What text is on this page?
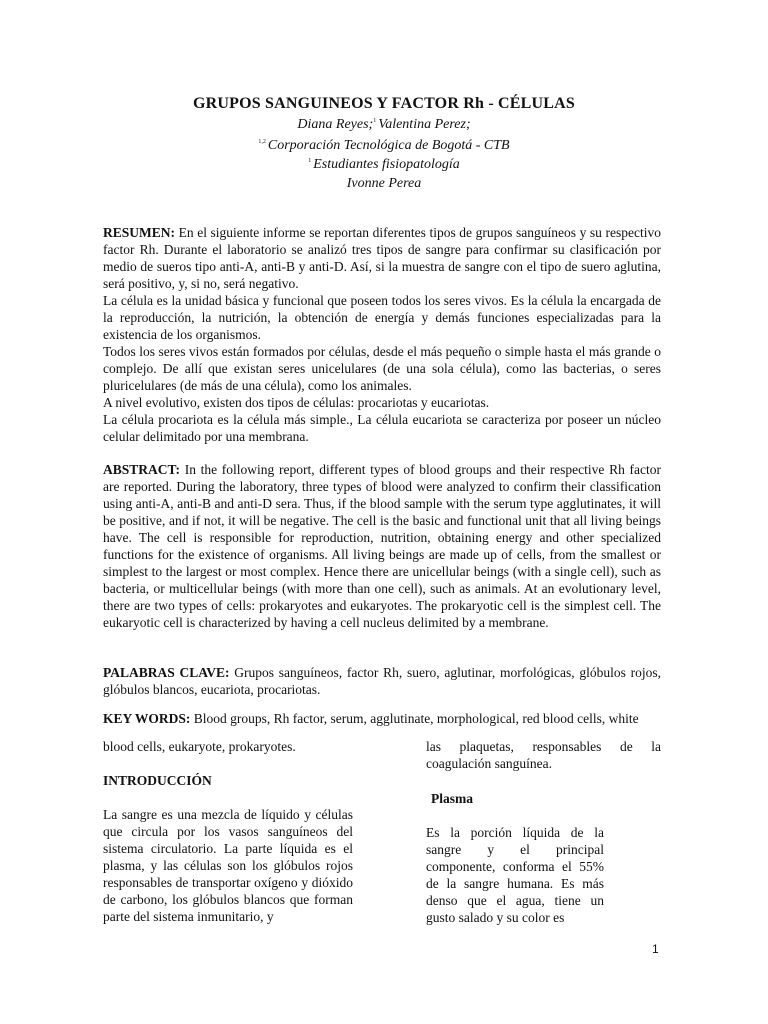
GRUPOS SANGUINEOS Y FACTOR Rh - CÉLULAS
Diana Reyes;$^1$ Valentina Perez;
$^{1,2}$ Corporación Tecnológica de Bogotá - CTB
$^1$ Estudiantes fisiopatología
Ivonne Perea

RESUMEN: En el siguiente informe se reportan diferentes tipos de grupos sanguíneos y su respectivo factor Rh. Durante el laboratorio se analizó tres tipos de sangre para confirmar su clasificación por medio de sueros tipo anti-A, anti-B y anti-D. Así, si la muestra de sangre con el tipo de suero aglutina, será positivo, y, si no, será negativo.

La célula es la unidad básica y funcional que poseen todos los seres vivos. Es la célula la encargada de la reproducción, la nutrición, la obtención de energía y demás funciones especializadas para la existencia de los organismos.

Todos los seres vivos están formados por células, desde el más pequeño o simple hasta el más grande o complejo. De allí que existan seres unicelulares (de una sola célula), como las bacterias, o seres pluricelulares (de más de una célula), como los animales.

A nivel evolutivo, existen dos tipos de células: procariotas y eucariotas.

La célula procariota es la célula más simple., La célula eucariota se caracteriza por poseer un núcleo celular delimitado por una membrana.

ABSTRACT: In the following report, different types of blood groups and their respective Rh factor are reported. During the laboratory, three types of blood were analyzed to confirm their classification using anti-A, anti-B and anti-D sera. Thus, if the blood sample with the serum type agglutinates, it will be positive, and if not, it will be negative. The cell is the basic and functional unit that all living beings have. The cell is responsible for reproduction, nutrition, obtaining energy and other specialized functions for the existence of organisms. All living beings are made up of cells, from the smallest or simplest to the largest or most complex. Hence there are unicellular beings (with a single cell), such as bacteria, or multicellular beings (with more than one cell), such as animals. At an evolutionary level, there are two types of cells: prokaryotes and eukaryotes. The prokaryotic cell is the simplest cell. The eukaryotic cell is characterized by having a cell nucleus delimited by a membrane.

PALABRAS CLAVE: Grupos sanguíneos, factor Rh, suero, aglutinar, morfológicas, glóbulos rojos, glóbulos blancos, eucariota, procariotas.

KEY WORDS: Blood groups, Rh factor, serum, agglutinate, morphological, red blood cells, white

blood cells, eukaryote, prokaryotes.

INTRODUCCIÓN

La sangre es una mezcla de líquido y células que circula por los vasos sanguíneos del sistema circulatorio. La parte líquida es el plasma, y las células son los glóbulos rojos responsables de transportar oxígeno y dióxido de carbono, los glóbulos blancos que forman parte del sistema inmunitario, y

las plaquetas, responsables de la coagulación sanguínea.

Plasma

Es la porción líquida de la sangre y el principal componente, conforma el 55% de la sangre humana. Es más denso que el agua, tiene un gusto salado y su color es

1
